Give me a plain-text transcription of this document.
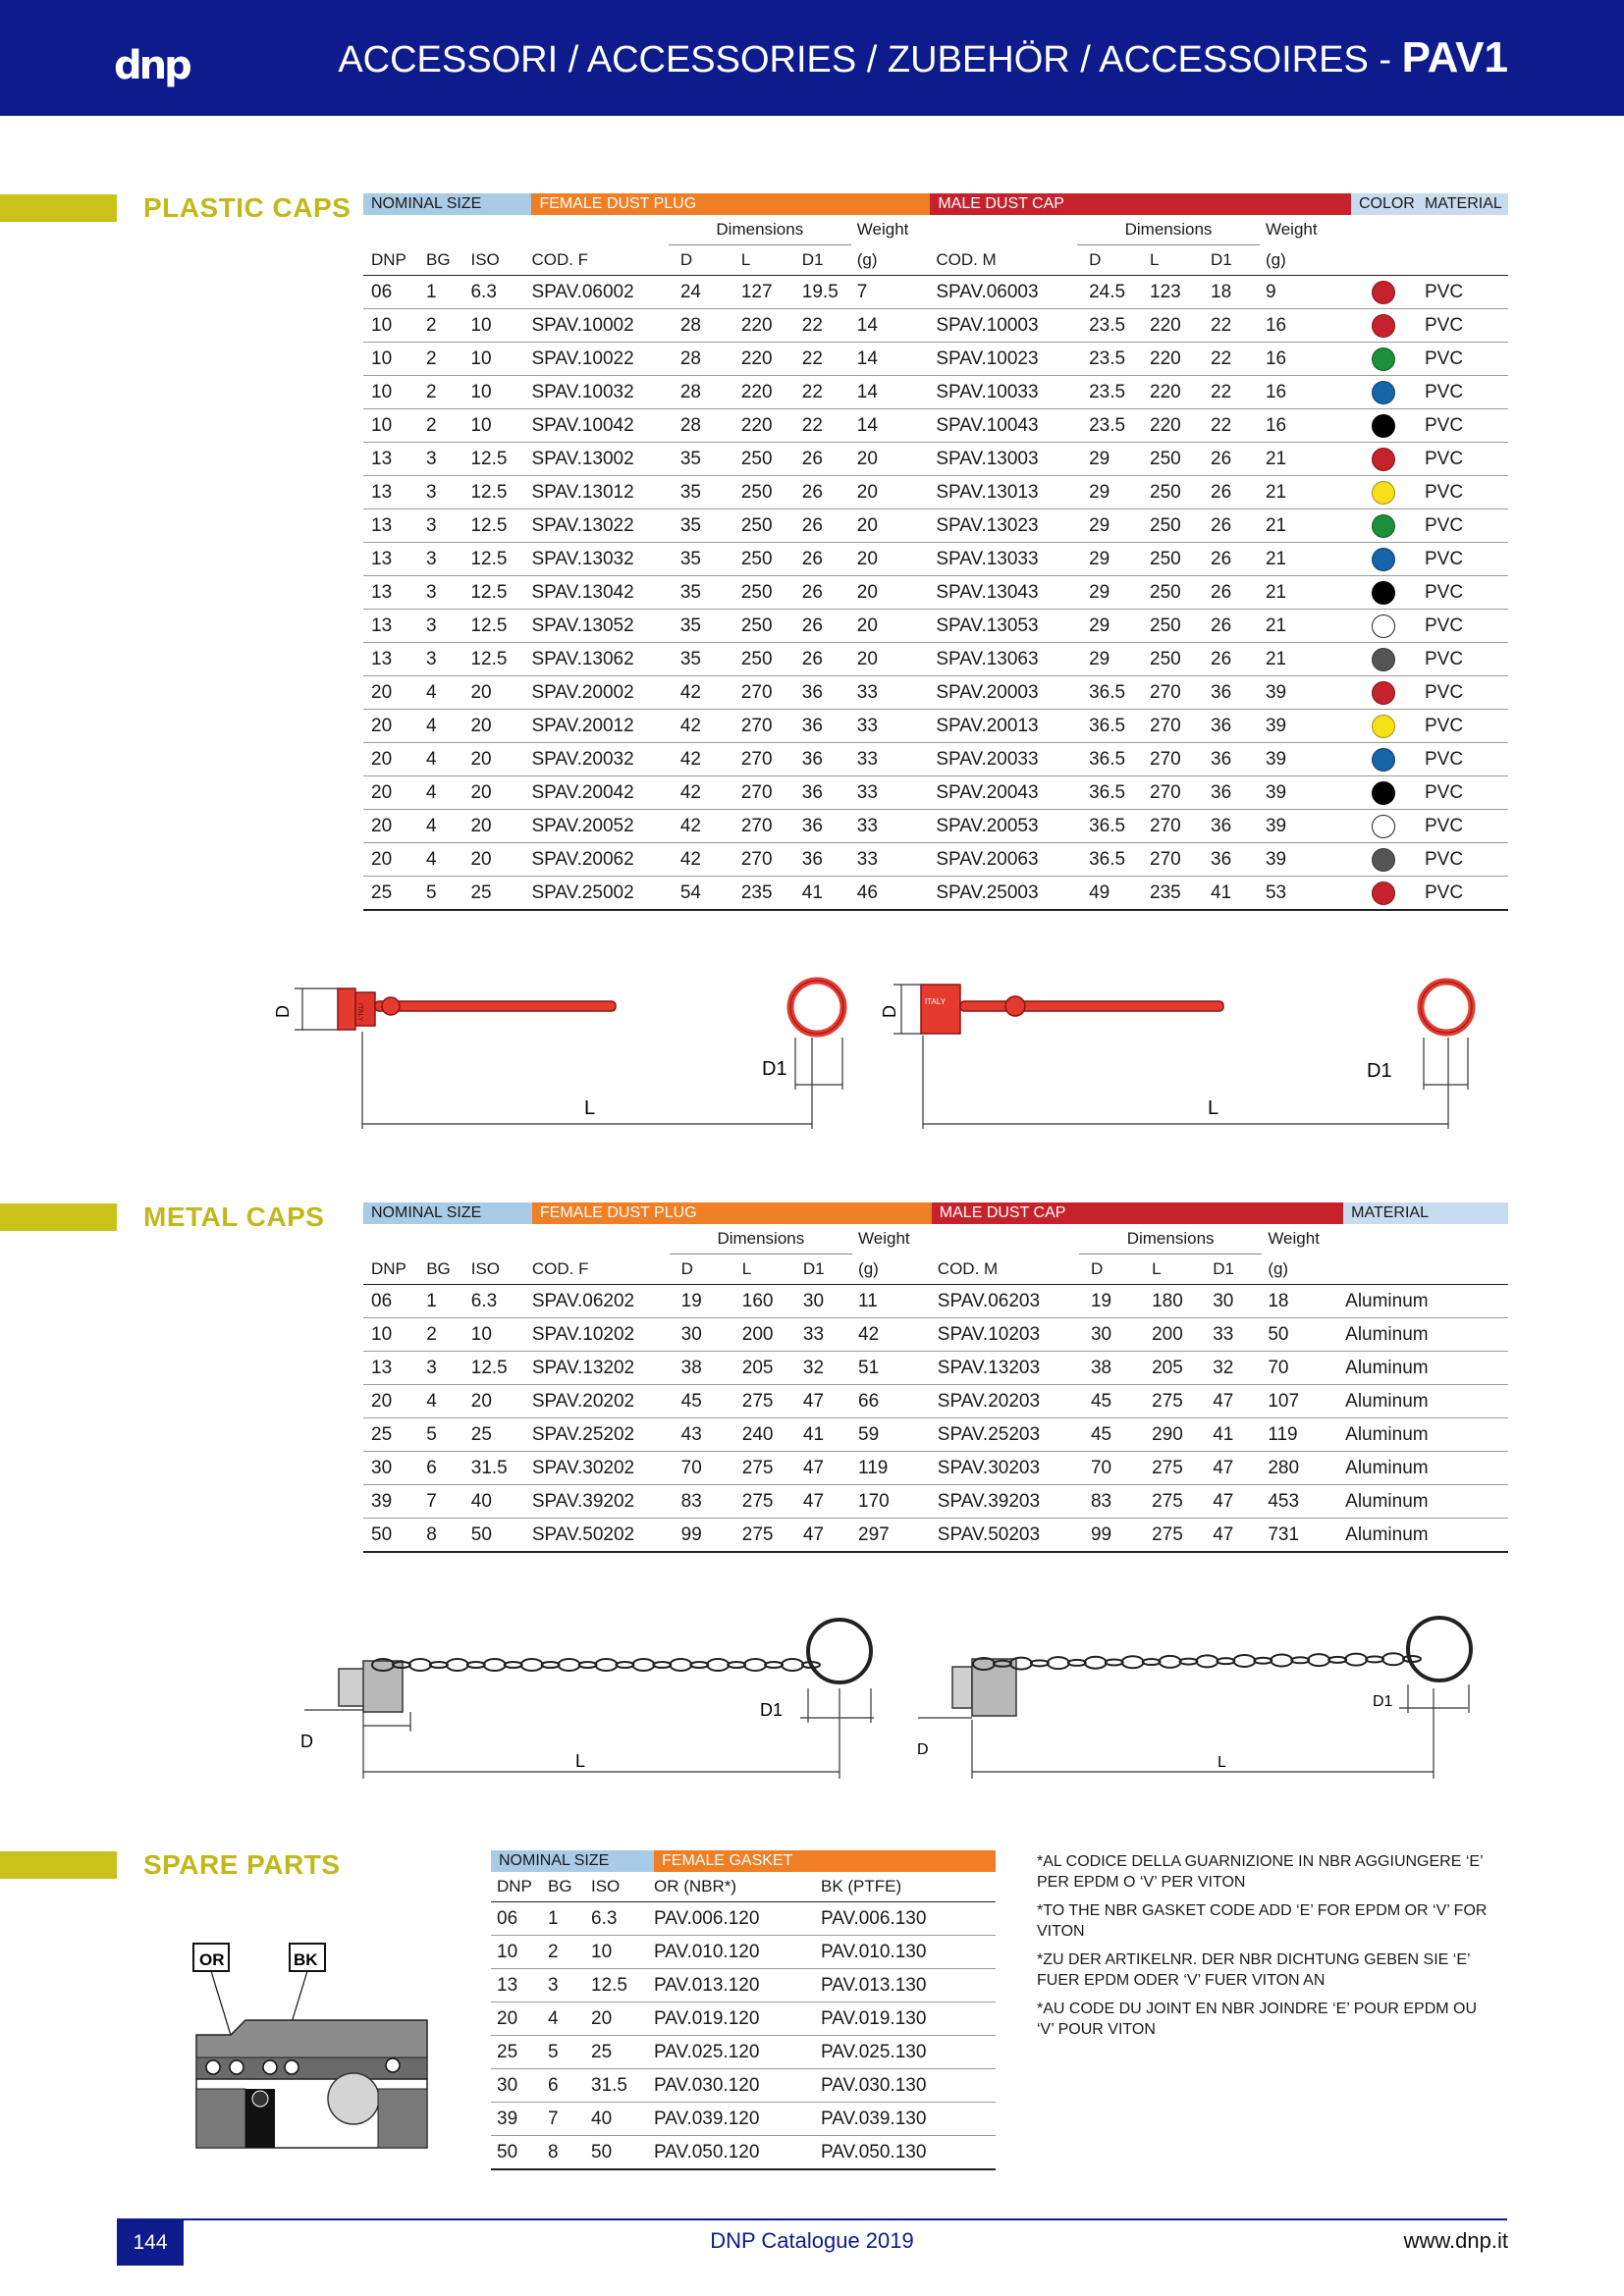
dnp	ACCESSORI / ACCESSORIES / ZUBEHÖR / ACCESSOIRES - PAV1
PLASTIC CAPS NOMINAL SIZE			FEMALE DUST PLUG					MALE DUST CAP					COLOR	MATERIAL
				Dimensions			Weight		Dimensions			Weight		
DNP	BG	ISO	COD. F	D	L	D1	(g)	COD. M	D	L	D1	(g)		
06	1	6.3	SPAV.06002	24	127	19.5	7	SPAV.06003	24.5	123	18	9		PVC
10	2	10	SPAV.10002	28	220	22	14	SPAV.10003	23.5	220	22	16		PVC
10	2	10	SPAV.10022	28	220	22	14	SPAV.10023	23.5	220	22	16		PVC
10	2	10	SPAV.10032	28	220	22	14	SPAV.10033	23.5	220	22	16		PVC
10	2	10	SPAV.10042	28	220	22	14	SPAV.10043	23.5	220	22	16		PVC
13	3	12.5	SPAV.13002	35	250	26	20	SPAV.13003	29	250	26	21		PVC
13	3	12.5	SPAV.13012	35	250	26	20	SPAV.13013	29	250	26	21		PVC
13	3	12.5	SPAV.13022	35	250	26	20	SPAV.13023	29	250	26	21		PVC
13	3	12.5	SPAV.13032	35	250	26	20	SPAV.13033	29	250	26	21		PVC
13	3	12.5	SPAV.13042	35	250	26	20	SPAV.13043	29	250	26	21		PVC
13	3	12.5	SPAV.13052	35	250	26	20	SPAV.13053	29	250	26	21		PVC
13	3	12.5	SPAV.13062	35	250	26	20	SPAV.13063	29	250	26	21		PVC
20	4	20	SPAV.20002	42	270	36	33	SPAV.20003	36.5	270	36	39		PVC
20	4	20	SPAV.20012	42	270	36	33	SPAV.20013	36.5	270	36	39		PVC
20	4	20	SPAV.20032	42	270	36	33	SPAV.20033	36.5	270	36	39		PVC
20	4	20	SPAV.20042	42	270	36	33	SPAV.20043	36.5	270	36	39		PVC
20	4	20	SPAV.20052	42	270	36	33	SPAV.20053	36.5	270	36	39		PVC
20	4	20	SPAV.20062	42	270	36	33	SPAV.20063	36.5	270	36	39		PVC
25	5	25	SPAV.25002	54	235	41	46	SPAV.25003	49	235	41	53		PVC
ITALY
D
D1
L
ITALY
D
D1
L
METAL CAPS	NOMINAL SIZE			FEMALE DUST PLUG					MALE DUST CAP					MATERIAL
				Dimensions			Weight		Dimensions			Weight	
DNP	BG	ISO	COD. F	D	L	D1	(g)	COD. M	D	L	D1	(g)	
06	1	6.3	SPAV.06202	19	160	30	11	SPAV.06203	19	180	30	18	Aluminum
10	2	10	SPAV.10202	30	200	33	42	SPAV.10203	30	200	33	50	Aluminum
13	3	12.5	SPAV.13202	38	205	32	51	SPAV.13203	38	205	32	70	Aluminum
20	4	20	SPAV.20202	45	275	47	66	SPAV.20203	45	275	47	107	Aluminum
25	5	25	SPAV.25202	43	240	41	59	SPAV.25203	45	290	41	119	Aluminum
30	6	31.5	SPAV.30202	70	275	47	119	SPAV.30203	70	275	47	280	Aluminum
39	7	40	SPAV.39202	83	275	47	170	SPAV.39203	83	275	47	453	Aluminum
50	8	50	SPAV.50202	99	275	47	297	SPAV.50203	99	275	47	731	Aluminum
D
D1
L
D
D1
L
SPARE PARTS	NOMINAL SIZE			FEMALE GASKET	
DNP	BG	ISO	OR (NBR*)	BK (PTFE)
06	1	6.3	PAV.006.120	PAV.006.130
10	2	10	PAV.010.120	PAV.010.130
13	3	12.5	PAV.013.120	PAV.013.130
20	4	20	PAV.019.120	PAV.019.130
25	5	25	PAV.025.120	PAV.025.130
30	6	31.5	PAV.030.120	PAV.030.130
39	7	40	PAV.039.120	PAV.039.130
50	8	50	PAV.050.120	PAV.050.130
OR	BK
*AL CODICE DELLA GUARNIZIONE IN NBR AGGIUNGERE ‘E’ PER EPDM O ‘V’ PER VITON
*TO THE NBR GASKET CODE ADD ‘E’ FOR EPDM OR ‘V’ FOR VITON
*ZU DER ARTIKELNR. DER NBR DICHTUNG GEBEN SIE ‘E’ FUER EPDM ODER ‘V’ FUER VITON AN
*AU CODE DU JOINT EN NBR JOINDRE ‘E’ POUR EPDM OU ‘V’ POUR VITON
144	DNP Catalogue 2019	www.dnp.it
